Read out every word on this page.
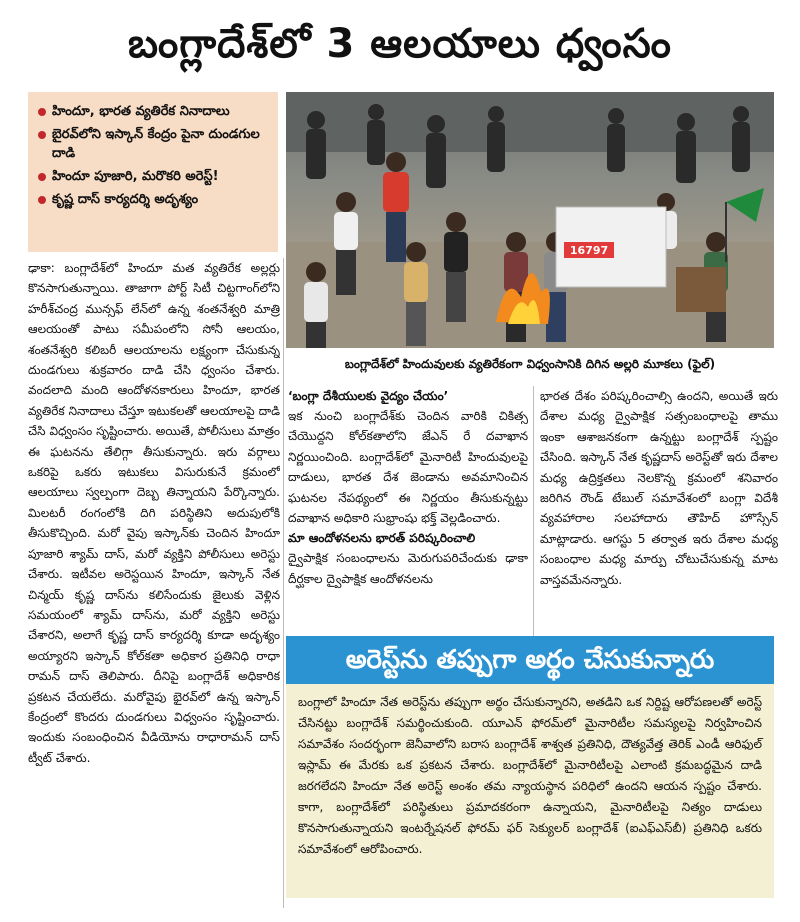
బంగ్లాదేశ్‌లో 3 ఆలయాలు ధ్వంసం
హిందూ, భారత వ్యతిరేక నినాదాలు
బైరవ్‌లోని ఇస్కాన్ కేంద్రం పైనా దుండగుల దాడి
హిందూ పూజారి, మరొకరి అరెస్ట్!
కృష్ణ దాస్ కార్యదర్శి అదృశ్యం
16797
బంగ్లాదేశ్‌లో హిందువులకు వ్యతిరేకంగా విధ్వంసానికి దిగిన అల్లరి మూకలు (ఫైల్)

ఢాకా: బంగ్లాదేశ్‌లో హిందూ మత వ్యతిరేక అల్లర్లు కొనసాగుతున్నాయి. తాజాగా పోర్ట్ సిటీ చిట్టగాంగ్‌లోని హరీశ్‌చంద్ర మున్సఫ్ లేన్‌లో ఉన్న శంతనేశ్వరి మాత్రి ఆలయంతో పాటు సమీపంలోని సోనీ ఆలయం, శంతనేశ్వరి కలిబరీ ఆలయాలను లక్ష్యంగా చేసుకున్న దుండగులు శుక్రవారం దాడి చేసి ధ్వంసం చేశారు. వందలాది మంది ఆందోళనకారులు హిందూ, భారత వ్యతిరేక నినాదాలు చేస్తూ ఇటుకలతో ఆలయాలపై దాడి చేసి విధ్వంసం సృష్టించారు. అయితే, పోలీసులు మాత్రం ఈ ఘటనను తేలిగ్గా తీసుకున్నారు. ఇరు వర్గాలు ఒకరిపై ఒకరు ఇటుకలు విసురుకునే క్రమంలో ఆలయాలు స్వల్పంగా దెబ్బ తిన్నాయని పేర్కొన్నారు. మిలటరీ రంగంలోకి దిగి పరిస్థితిని అదుపులోకి తీసుకొచ్చింది. మరో వైపు ఇస్కాన్‌కు చెందిన హిందూ పూజారి శ్యామ్ దాస్, మరో వ్యక్తిని పోలీసులు అరెస్టు చేశారు. ఇటీవల అరెస్టయిన హిందూ, ఇస్కాన్ నేత చిన్మయ్ కృష్ణ దాస్‌ను కలిసేందుకు జైలుకు వెళ్లిన సమయంలో శ్యామ్ దాస్‌ను, మరో వ్యక్తిని అరెస్టు చేశారని, అలాగే కృష్ణ దాస్ కార్యదర్శి కూడా అదృశ్యం అయ్యారని ఇస్కాన్ కోల్‌కతా అధికార ప్రతినిధి రాధా రామన్ దాస్ తెలిపారు. దీనిపై బంగ్లాదేశ్ అధికారిక ప్రకటన చేయలేదు. మరోవైపు భైరవ్‌లో ఉన్న ఇస్కాన్ కేంద్రంలో కొందరు దుండగులు విధ్వంసం సృష్టించారు. ఇందుకు సంబంధించిన వీడియోను రాధారామన్ దాస్ ట్వీట్ చేశారు.

‘బంగ్లా దేశీయులకు వైద్యం చేయం’

ఇక నుంచి బంగ్లాదేశ్‌కు చెందిన వారికి చికిత్స చేయొద్దని కోల్‌కతాలోని జేఎన్ రే దవాఖాన నిర్ణయించింది. బంగ్లాదేశ్‌లో మైనారిటీ హిందువులపై దాడులు, భారత దేశ జెండాను అవమానించిన ఘటనల నేపథ్యంలో ఈ నిర్ణయం తీసుకున్నట్టు దవాఖాన అధికారి సుభ్రాంషు భక్త్ వెల్లడించారు.

మా ఆందోళనలను భారత్ పరిష్కరించాలి

ద్వైపాక్షిక సంబంధాలను మెరుగుపరిచేందుకు ఢాకా దీర్ఘకాల ద్వైపాక్షిక ఆందోళనలను

భారత దేశం పరిష్కరించాల్సి ఉందని, అయితే ఇరు దేశాల మధ్య ద్వైపాక్షిక సత్సంబంధాలపై తాము ఇంకా ఆశాజనకంగా ఉన్నట్టు బంగ్లాదేశ్ స్పష్టం చేసింది. ఇస్కాన్ నేత కృష్ణదాస్ అరెస్ట్‌తో ఇరు దేశాల మధ్య ఉద్రిక్తతలు నెలకొన్న క్రమంలో శనివారం జరిగిన రౌండ్ టేబుల్ సమావేశంలో బంగ్లా విదేశీ వ్యవహారాల సలహాదారు తౌహిద్ హొస్సేన్ మాట్లాడారు. ఆగస్టు 5 తర్వాత ఇరు దేశాల మధ్య సంబంధాల మధ్య మార్పు చోటుచేసుకున్న మాట వాస్తవమేనన్నారు.

అరెస్ట్‌ను తప్పుగా అర్థం చేసుకున్నారు

బంగ్లాలో హిందూ నేత అరెస్ట్‌ను తప్పుగా అర్థం చేసుకున్నారని, అతడిని ఒక నిర్దిష్ట ఆరోపణలతో అరెస్ట్ చేసినట్టు బంగ్లాదేశ్ సమర్థించుకుంది. యూఎన్ ఫోరమ్‌లో మైనారిటీల సమస్యలపై నిర్వహించిన సమావేశం సందర్భంగా జెనీవాలోని బరాస బంగ్లాదేశ్ శాశ్వత ప్రతినిధి, దౌత్యవేత్త తెరిక్ ఎండీ ఆరిఫుల్ ఇస్లామ్ ఈ మేరకు ఒక ప్రకటన చేశారు. బంగ్లాదేశ్‌లో మైనారిటీలపై ఎలాంటి క్రమబద్ధమైన దాడి జరగలేదని హిందూ నేత అరెస్ట్ అంశం తమ న్యాయస్థాన పరిధిలో ఉందని ఆయన స్పష్టం చేశారు. కాగా, బంగ్లాదేశ్‌లో పరిస్థితులు ప్రమాదకరంగా ఉన్నాయని, మైనారిటీలపై నిత్యం దాడులు కొనసాగుతున్నాయని ఇంటర్నేషనల్ ఫోరమ్ ఫర్ సెక్యులర్ బంగ్లాదేశ్ (ఐఎఫ్ఎస్‌బీ) ప్రతినిధి ఒకరు సమావేశంలో ఆరోపించారు.
